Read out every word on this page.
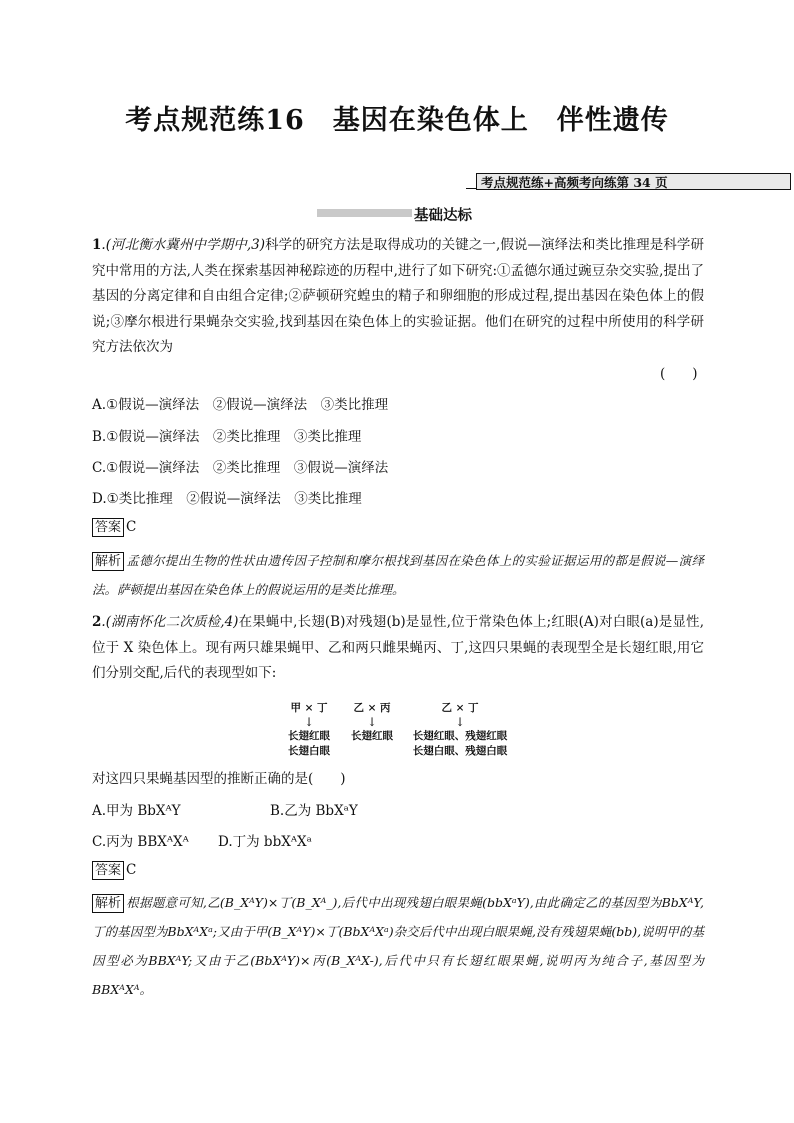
考点规范练16　基因在染色体上　伴性遗传
考点规范练+高频考向练第 34 页
基础达标
1.(河北衡水冀州中学期中,3)科学的研究方法是取得成功的关键之一,假说—演绎法和类比推理是科学研究中常用的方法,人类在探索基因神秘踪迹的历程中,进行了如下研究:①孟德尔通过豌豆杂交实验,提出了基因的分离定律和自由组合定律;②萨顿研究蝗虫的精子和卵细胞的形成过程,提出基因在染色体上的假说;③摩尔根进行果蝇杂交实验,找到基因在染色体上的实验证据。他们在研究的过程中所使用的科学研究方法依次为
(　　)
A.①假说—演绎法　②假说—演绎法　③类比推理
B.①假说—演绎法　②类比推理　③类比推理
C.①假说—演绎法　②类比推理　③假说—演绎法
D.①类比推理　②假说—演绎法　③类比推理
答案 C
解析 孟德尔提出生物的性状由遗传因子控制和摩尔根找到基因在染色体上的实验证据运用的都是假说—演绎法。萨顿提出基因在染色体上的假说运用的是类比推理。
2.(湖南怀化二次质检,4)在果蝇中,长翅(B)对残翅(b)是显性,位于常染色体上;红眼(A)对白眼(a)是显性,位于 X 染色体上。现有两只雄果蝇甲、乙和两只雌果蝇丙、丁,这四只果蝇的表现型全是长翅红眼,用它们分别交配,后代的表现型如下:
甲 × 丁
↓
长翅红眼
长翅白眼
乙 × 丙
↓
长翅红眼
乙 × 丁
↓
长翅红眼、残翅红眼
长翅白眼、残翅白眼
对这四只果蝇基因型的推断正确的是(　　)
A.甲为 BbXᴬY	B.乙为 BbXᵃY
C.丙为 BBXᴬXᴬ D.丁为 bbXᴬXᵃ
答案 C
解析 根据题意可知,乙(B_XᴬY)×丁(B_Xᴬ_),后代中出现残翅白眼果蝇(bbXᵃY),由此确定乙的基因型为BbXᴬY,丁的基因型为BbXᴬXᵃ;又由于甲(B_XᴬY)×丁(BbXᴬXᵃ)杂交后代中出现白眼果蝇,没有残翅果蝇(bb),说明甲的基因型必为BBXᴬY;又由于乙(BbXᴬY)×丙(B_XᴬX-),后代中只有长翅红眼果蝇,说明丙为纯合子,基因型为BBXᴬXᴬ。
